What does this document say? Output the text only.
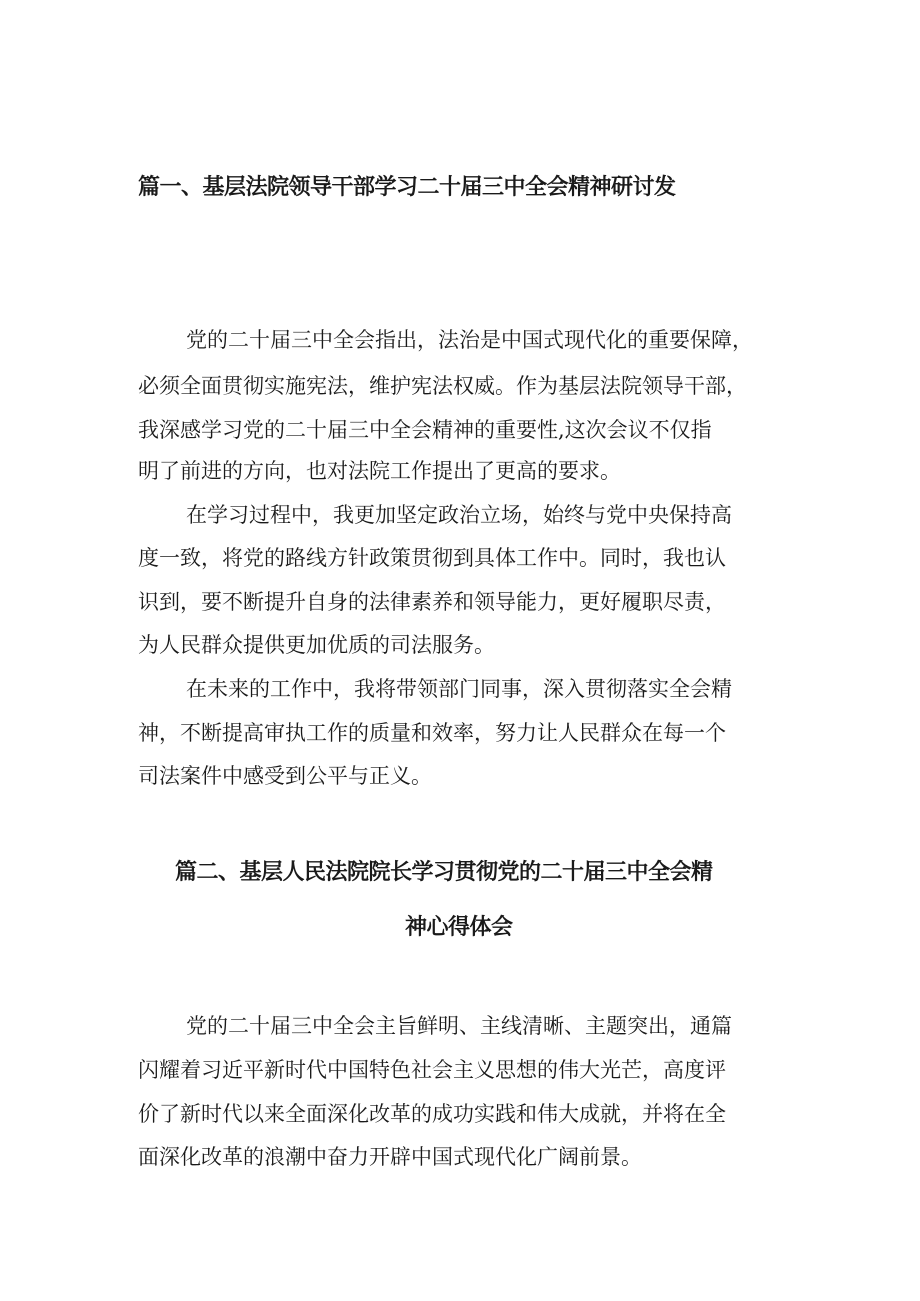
篇一、基层法院领导干部学习二十届三中全会精神研讨发

党的二十届三中全会指出，法治是中国式现代化的重要保障，

必须全面贯彻实施宪法，维护宪法权威。作为基层法院领导干部，

我深感学习党的二十届三中全会精神的重要性,这次会议不仅指

明了前进的方向，也对法院工作提出了更高的要求。

在学习过程中，我更加坚定政治立场，始终与党中央保持高

度一致，将党的路线方针政策贯彻到具体工作中。同时，我也认

识到，要不断提升自身的法律素养和领导能力，更好履职尽责，

为人民群众提供更加优质的司法服务。

在未来的工作中，我将带领部门同事，深入贯彻落实全会精

神，不断提高审执工作的质量和效率，努力让人民群众在每一个

司法案件中感受到公平与正义。

篇二、基层人民法院院长学习贯彻党的二十届三中全会精
神心得体会

党的二十届三中全会主旨鲜明、主线清晰、主题突出，通篇

闪耀着习近平新时代中国特色社会主义思想的伟大光芒，高度评

价了新时代以来全面深化改革的成功实践和伟大成就，并将在全

面深化改革的浪潮中奋力开辟中国式现代化广阔前景。
